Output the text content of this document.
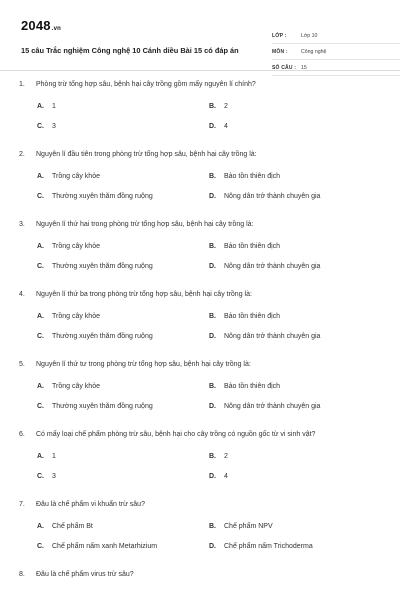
2048.vn
15 câu Trắc nghiệm Công nghệ 10 Cánh diều Bài 15 có đáp án
LỚP :	Lớp 10
MÔN :	Công nghệ
SỐ CÂU : 15
1.	Phòng trừ tổng hợp sâu, bệnh hại cây trồng gồm mấy nguyên lí chính?
A.	1	B.	2
C.	3	D.	4
2.	Nguyên lí đầu tiên trong phòng trừ tổng hợp sâu, bệnh hại cây trồng là:
A.	Trồng cây khỏe	B.	Bảo tồn thiên địch
C.	Thường xuyên thăm đồng ruộng	D.	Nông dân trở thành chuyên gia
3.	Nguyên lí thứ hai trong phòng trừ tổng hợp sâu, bệnh hại cây trồng là:
A.	Trồng cây khỏe	B.	Bảo tồn thiên địch
C.	Thường xuyên thăm đồng ruộng	D.	Nông dân trở thành chuyên gia
4.	Nguyên lí thứ ba trong phòng trừ tổng hợp sâu, bệnh hại cây trồng là:
A.	Trồng cây khỏe	B.	Bảo tồn thiên địch
C.	Thường xuyên thăm đồng ruộng	D.	Nông dân trở thành chuyên gia
5.	Nguyên lí thứ tư trong phòng trừ tổng hợp sâu, bệnh hại cây trồng là:
A.	Trồng cây khỏe	B.	Bảo tồn thiên địch
C.	Thường xuyên thăm đồng ruộng	D.	Nông dân trở thành chuyên gia
6.	Có mấy loại chế phẩm phòng trừ sâu, bệnh hại cho cây trồng có nguồn gốc từ vi sinh vật?
A.	1	B.	2
C.	3	D.	4
7.	Đâu là chế phẩm vi khuẩn trừ sâu?
A.	Chế phẩm Bt	B.	Chế phẩm NPV
C.	Chế phẩm nấm xanh Metarhizium	D.	Chế phẩm nấm Trichoderma
8.	Đâu là chế phẩm virus trừ sâu?
